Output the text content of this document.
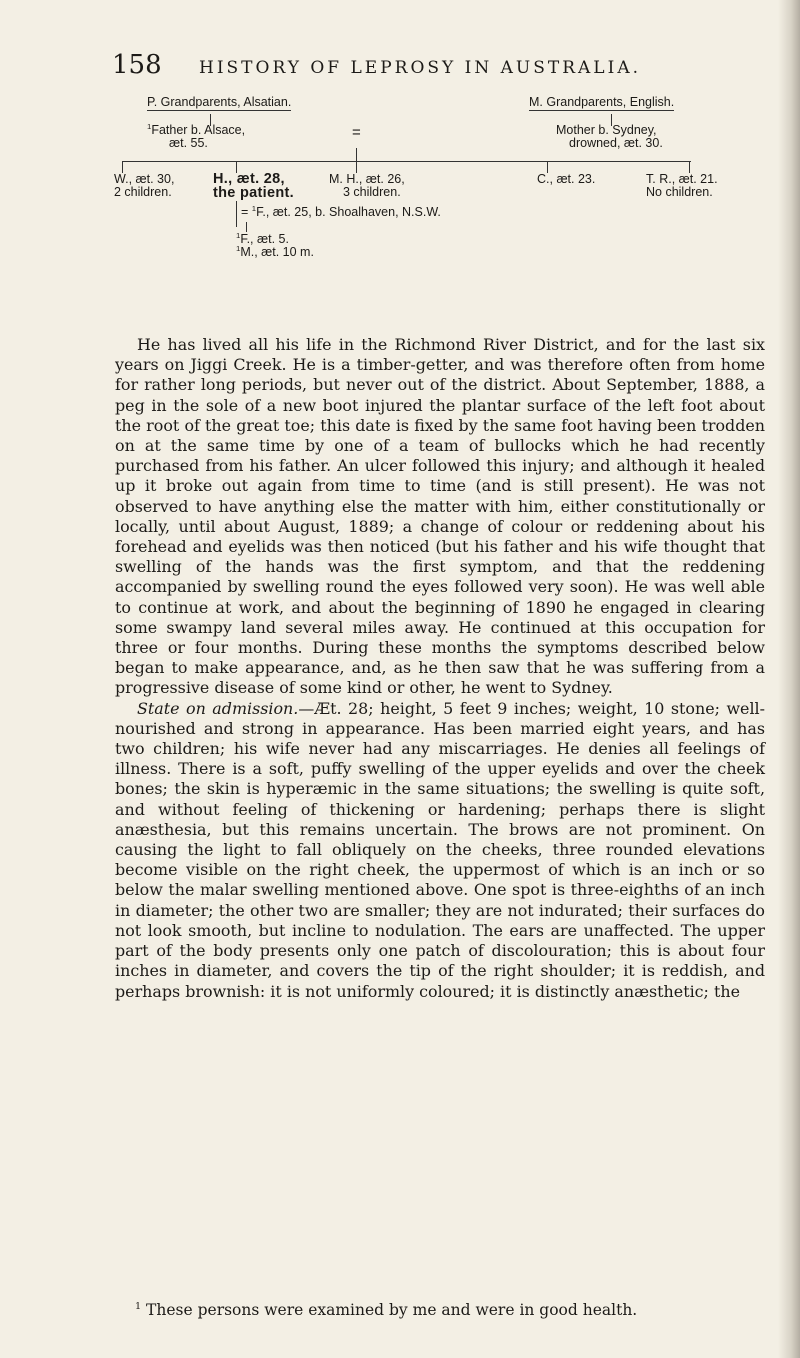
158	HISTORY OF LEPROSY IN AUSTRALIA.
P. Grandparents, Alsatian.	M. Grandparents, English.
$^1$Father b. Alsace,
æt. 55.
=	Mother b. Sydney,
drowned, æt. 30.
W., æt. 30,
2 children.
H., æt. 28,
the patient.
M. H., æt. 26,
3 children.
C., æt. 23.	T. R., æt. 21.
No children.
= $^1$F., æt. 25, b. Shoalhaven, N.S.W.
$^1$F., æt. 5.
$^1$M., æt. 10 m.

He has lived all his life in the Richmond River District, and for the last six years on Jiggi Creek. He is a timber-getter, and was therefore often from home for rather long periods, but never out of the district. About September, 1888, a peg in the sole of a new boot injured the plantar surface of the left foot about the root of the great toe; this date is fixed by the same foot having been trodden on at the same time by one of a team of bullocks which he had recently purchased from his father. An ulcer followed this injury; and although it healed up it broke out again from time to time (and is still present). He was not observed to have anything else the matter with him, either constitutionally or locally, until about August, 1889; a change of colour or reddening about his forehead and eyelids was then noticed (but his father and his wife thought that swelling of the hands was the first symptom, and that the reddening accompanied by swelling round the eyes followed very soon). He was well able to continue at work, and about the beginning of 1890 he engaged in clearing some swampy land several miles away. He continued at this occupation for three or four months. During these months the symptoms described below began to make appearance, and, as he then saw that he was suffering from a progressive disease of some kind or other, he went to Sydney.

State on admission.—Æt. 28; height, 5 feet 9 inches; weight, 10 stone; well-nourished and strong in appearance. Has been married eight years, and has two children; his wife never had any miscarriages. He denies all feelings of illness. There is a soft, puffy swelling of the upper eyelids and over the cheek bones; the skin is hyperæmic in the same situations; the swelling is quite soft, and without feeling of thickening or hardening; perhaps there is slight anæsthesia, but this remains uncertain. The brows are not prominent. On causing the light to fall obliquely on the cheeks, three rounded elevations become visible on the right cheek, the uppermost of which is an inch or so below the malar swelling mentioned above. One spot is three-eighths of an inch in diameter; the other two are smaller; they are not indurated; their surfaces do not look smooth, but incline to nodulation. The ears are unaffected. The upper part of the body presents only one patch of discolouration; this is about four inches in diameter, and covers the tip of the right shoulder; it is reddish, and perhaps brownish: it is not uniformly coloured; it is distinctly anæsthetic; the

$^1$ These persons were examined by me and were in good health.
